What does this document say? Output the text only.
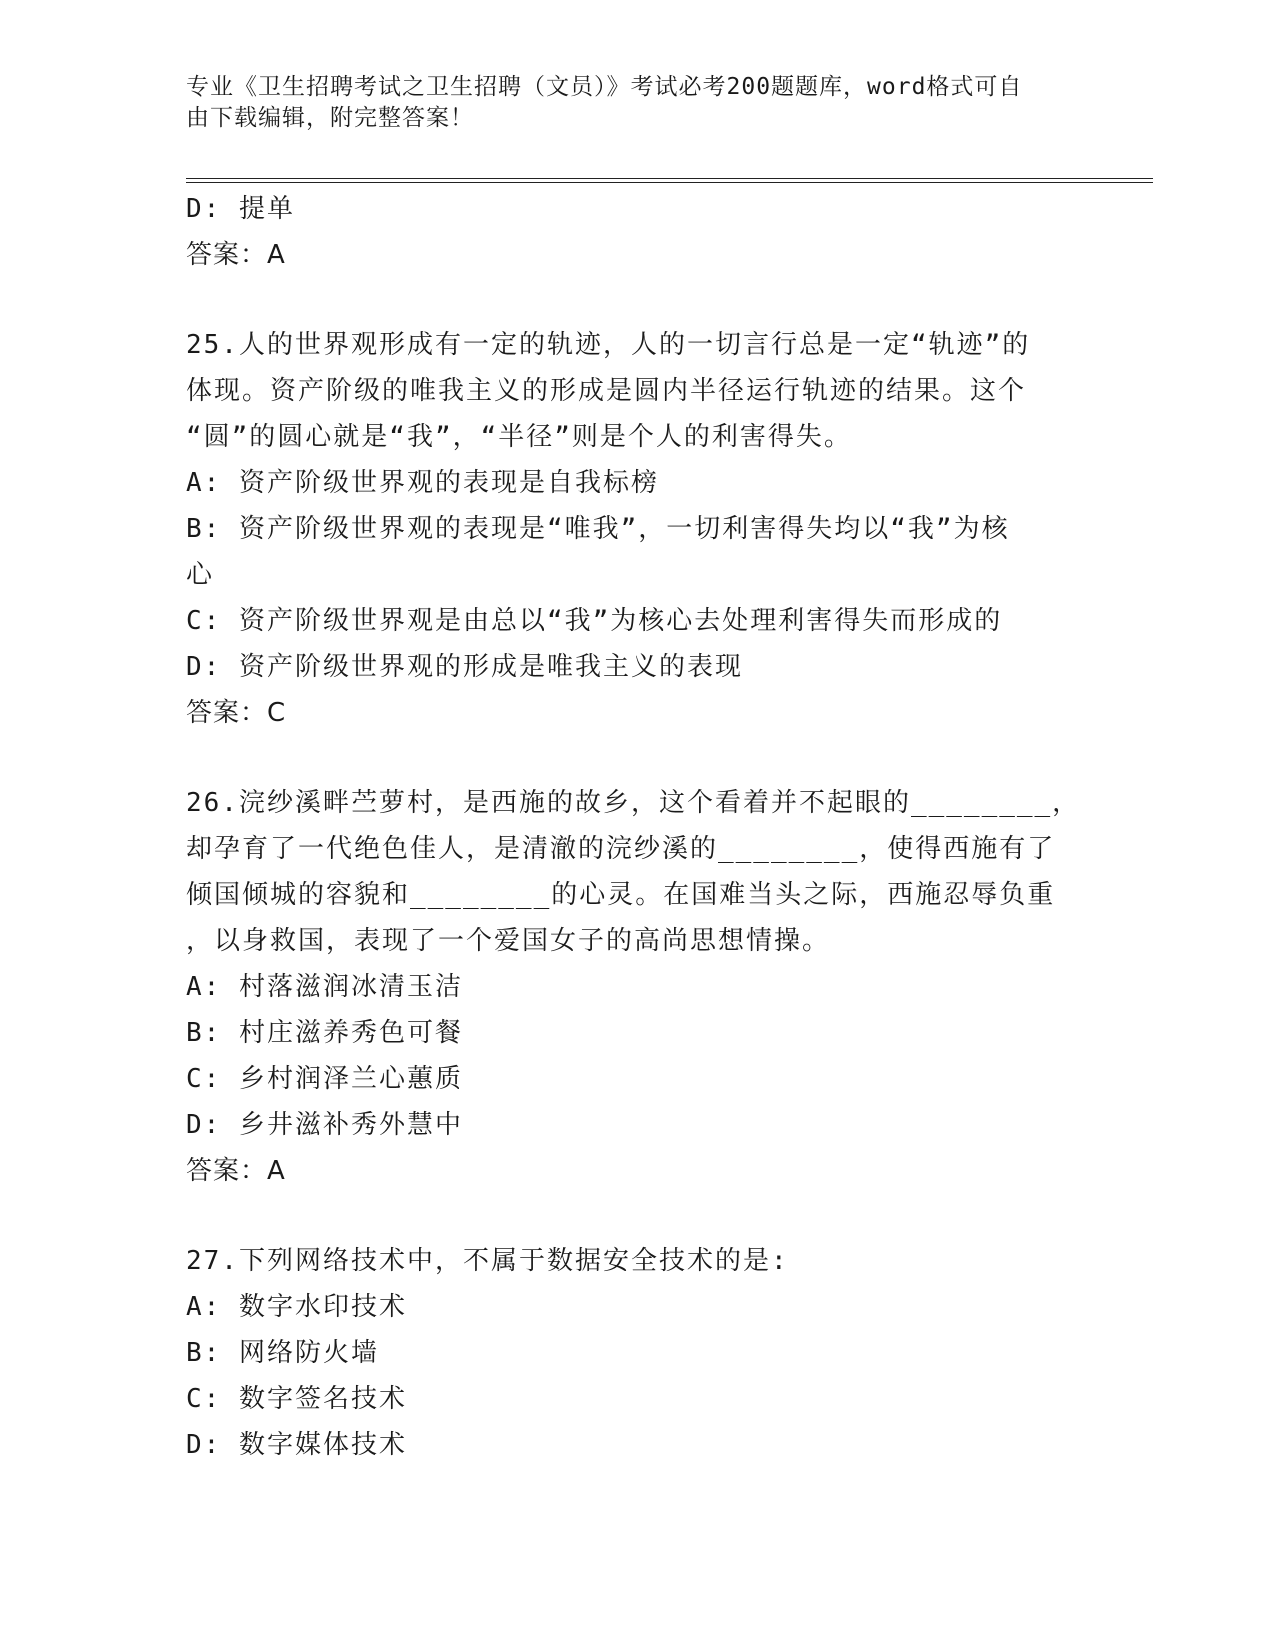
专业《卫生招聘考试之卫生招聘（文员）》考试必考200题题库，word格式可自
由下载编辑，附完整答案！
D: 提单
答案：A
25.人的世界观形成有一定的轨迹，人的一切言行总是一定“轨迹”的
体现。资产阶级的唯我主义的形成是圆内半径运行轨迹的结果。这个
“圆”的圆心就是“我”，“半径”则是个人的利害得失。
A: 资产阶级世界观的表现是自我标榜
B: 资产阶级世界观的表现是“唯我”，一切利害得失均以“我”为核
心
C: 资产阶级世界观是由总以“我”为核心去处理利害得失而形成的
D: 资产阶级世界观的形成是唯我主义的表现
答案：C
26.浣纱溪畔苎萝村，是西施的故乡，这个看着并不起眼的________，
却孕育了一代绝色佳人，是清澈的浣纱溪的________，使得西施有了
倾国倾城的容貌和________的心灵。在国难当头之际，西施忍辱负重
，以身救国，表现了一个爱国女子的高尚思想情操。
A: 村落滋润冰清玉洁
B: 村庄滋养秀色可餐
C: 乡村润泽兰心蕙质
D: 乡井滋补秀外慧中
答案：A
27.下列网络技术中，不属于数据安全技术的是:
A: 数字水印技术
B: 网络防火墙
C: 数字签名技术
D: 数字媒体技术
